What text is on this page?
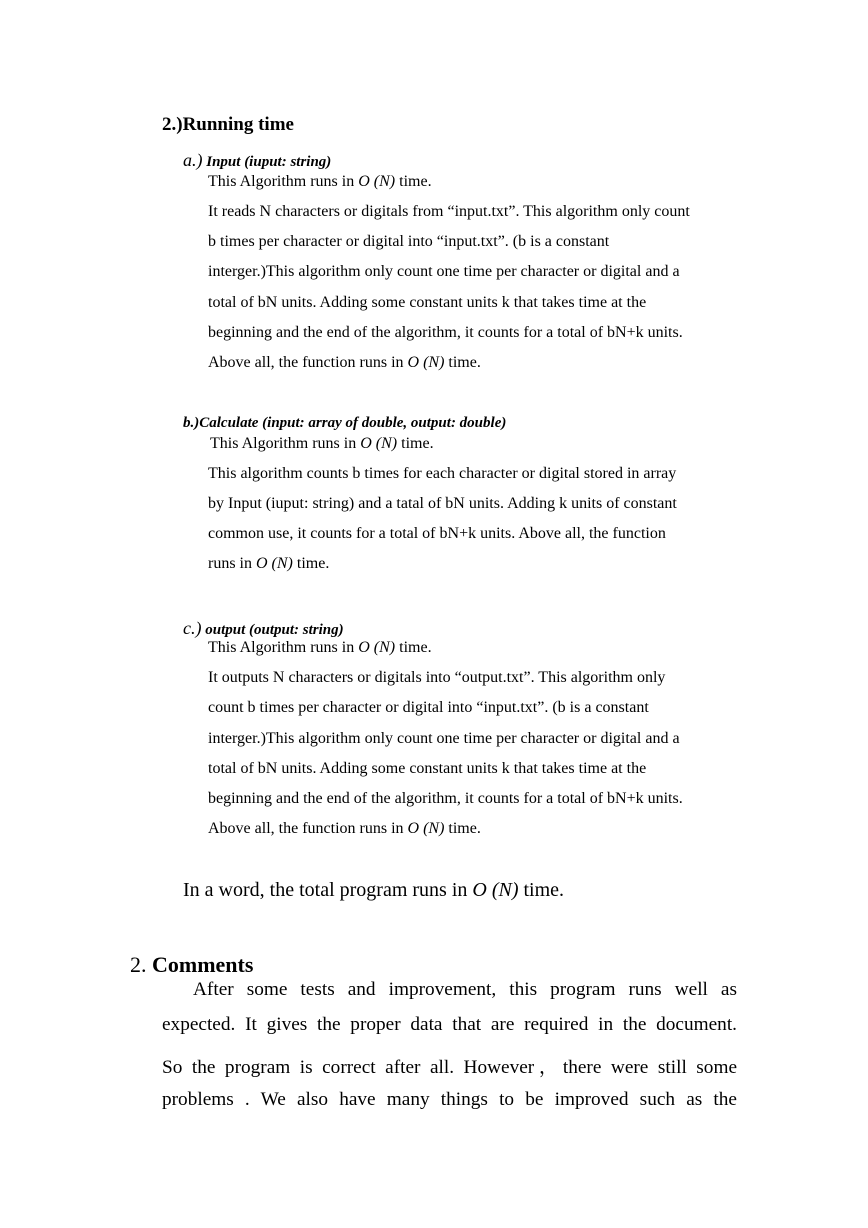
2.)Running time
a.) Input (iuput: string)
This Algorithm runs in O (N) time.
It reads N characters or digitals from “input.txt”. This algorithm only count
b times per character or digital into “input.txt”. (b is a constant
interger.)This algorithm only count one time per character or digital and a
total of bN units. Adding some constant units k that takes time at the
beginning and the end of the algorithm, it counts for a total of bN+k units.
Above all, the function runs in O (N) time.
b.)Calculate (input: array of double, output: double)
This Algorithm runs in O (N) time.
This algorithm counts b times for each character or digital stored in array
by Input (iuput: string) and a tatal of bN units. Adding k units of constant
common use, it counts for a total of bN+k units. Above all, the function
runs in O (N) time.
c.) output (output: string)
This Algorithm runs in O (N) time.
It outputs N characters or digitals into “output.txt”. This algorithm only
count b times per character or digital into “input.txt”. (b is a constant
interger.)This algorithm only count one time per character or digital and a
total of bN units. Adding some constant units k that takes time at the
beginning and the end of the algorithm, it counts for a total of bN+k units.
Above all, the function runs in O (N) time.
In a word, the total program runs in O (N) time.
2. Comments
After some tests and improvement, this program runs well as
expected. It gives the proper data that are required in the document.
So the program is correct after all. However，there were still some
problems . We also have many things to be improved such as the
